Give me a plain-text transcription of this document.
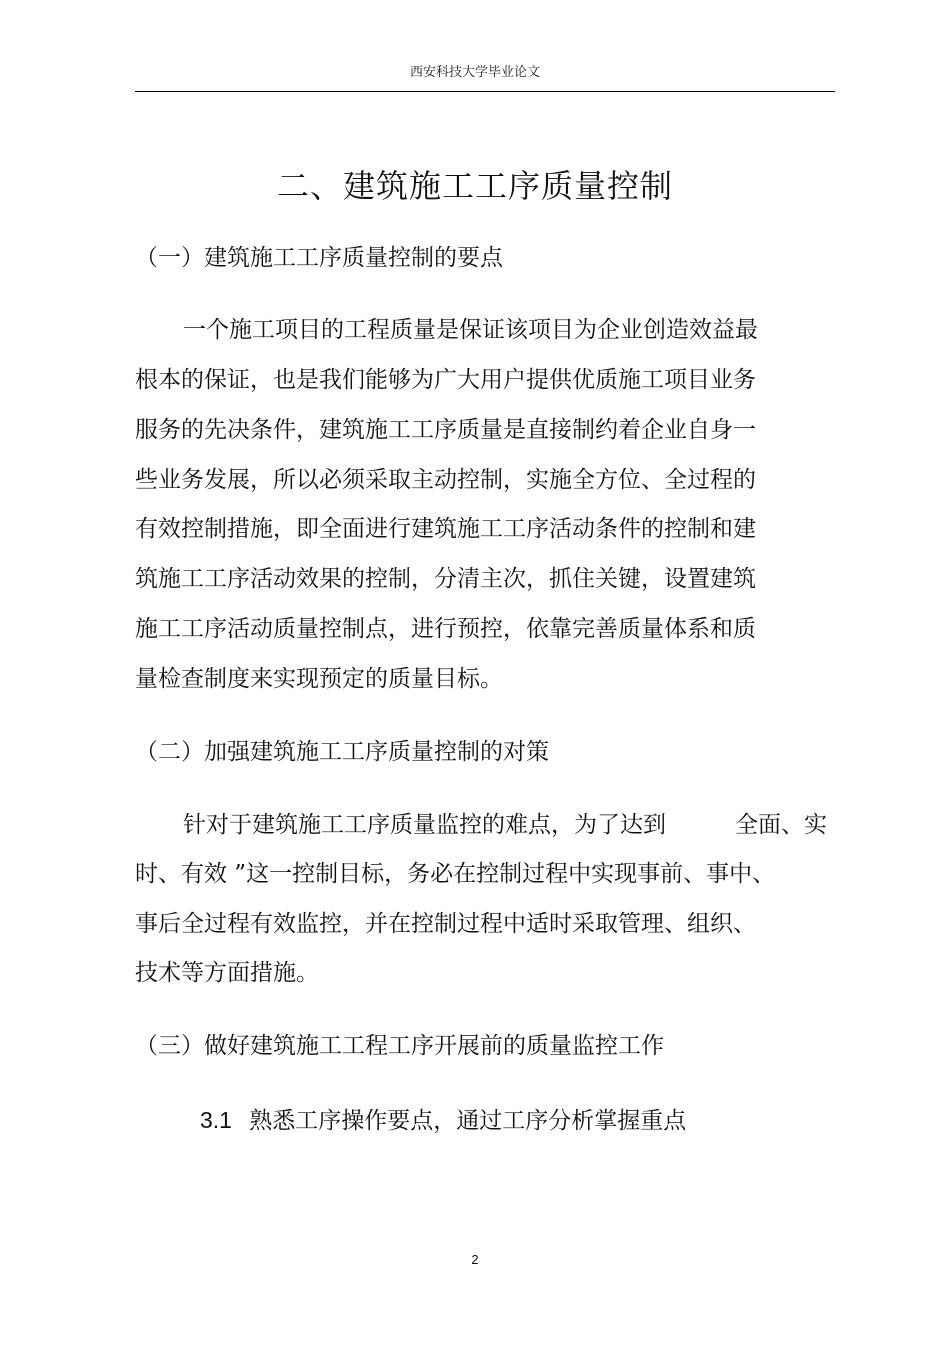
西安科技大学毕业论文
二、建筑施工工序质量控制
（一）建筑施工工序质量控制的要点
一个施工项目的工程质量是保证该项目为企业创造效益最
根本的保证，也是我们能够为广大用户提供优质施工项目业务
服务的先决条件，建筑施工工序质量是直接制约着企业自身一
些业务发展，所以必须采取主动控制，实施全方位、全过程的
有效控制措施，即全面进行建筑施工工序活动条件的控制和建
筑施工工序活动效果的控制，分清主次，抓住关键，设置建筑
施工工序活动质量控制点，进行预控，依靠完善质量体系和质
量检查制度来实现预定的质量目标。
（二）加强建筑施工工序质量控制的对策
针对于建筑施工工序质量监控的难点，为了达到	全面、实
时、有效 ”这一控制目标，务必在控制过程中实现事前、事中、
事后全过程有效监控，并在控制过程中适时采取管理、组织、
技术等方面措施。
（三）做好建筑施工工程工序开展前的质量监控工作
3.1 熟悉工序操作要点，通过工序分析掌握重点
2
